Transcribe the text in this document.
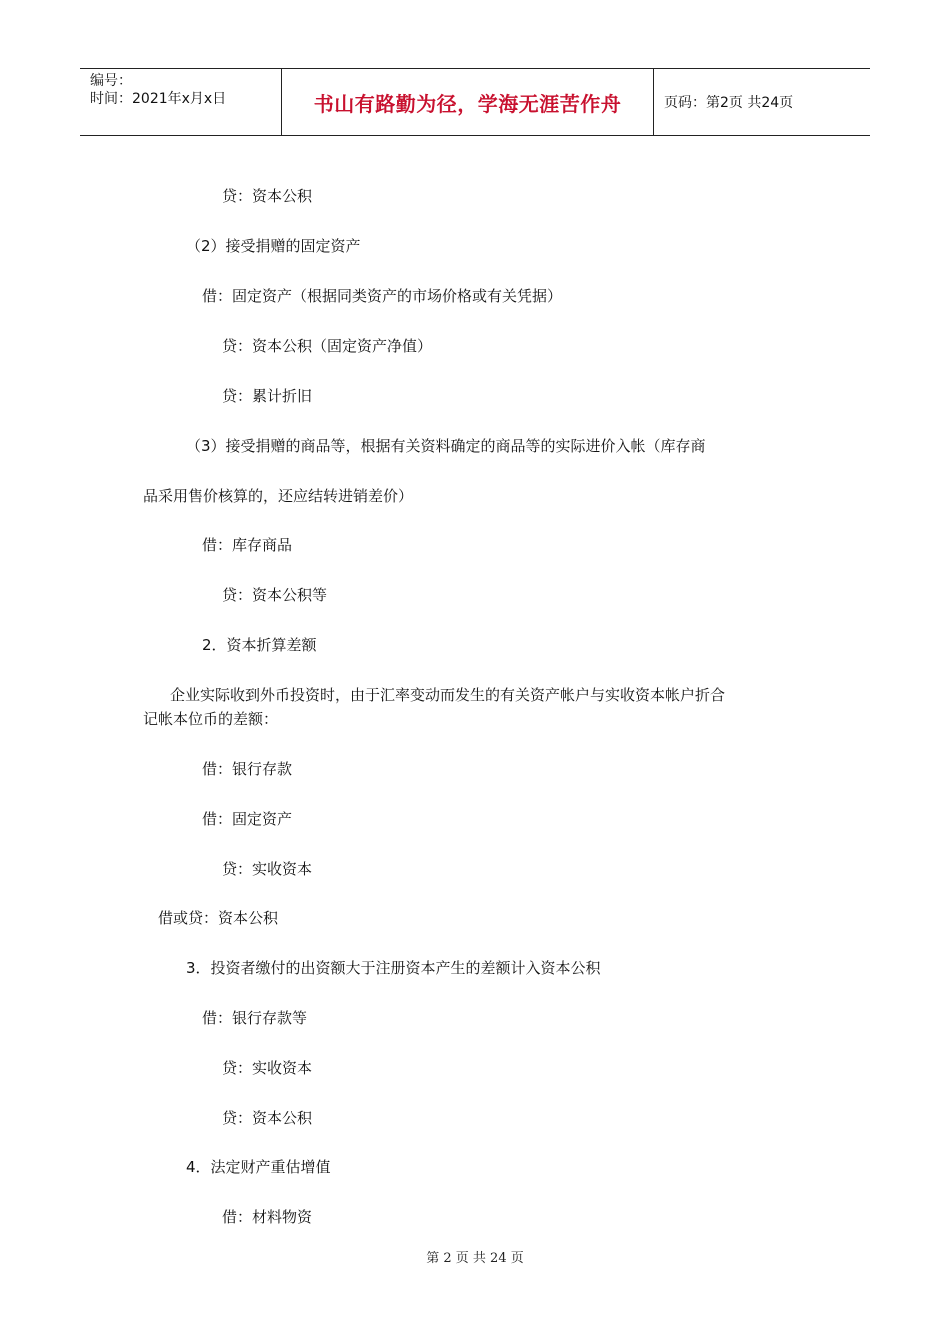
编号：
时间：2021年x月x日	书山有路勤为径，学海无涯苦作舟	页码：第2页 共24页
贷：资本公积
（2）接受捐赠的固定资产
借：固定资产（根据同类资产的市场价格或有关凭据）
贷：资本公积（固定资产净值）
贷：累计折旧
（3）接受捐赠的商品等，根据有关资料确定的商品等的实际进价入帐（库存商
品采用售价核算的，还应结转进销差价）
借：库存商品
贷：资本公积等
2．资本折算差额
企业实际收到外币投资时，由于汇率变动而发生的有关资产帐户与实收资本帐户折合
记帐本位币的差额：
借：银行存款
借：固定资产
贷：实收资本
借或贷：资本公积
3．投资者缴付的出资额大于注册资本产生的差额计入资本公积
借：银行存款等
贷：实收资本
贷：资本公积
4．法定财产重估增值
借：材料物资
第 2 页 共 24 页
